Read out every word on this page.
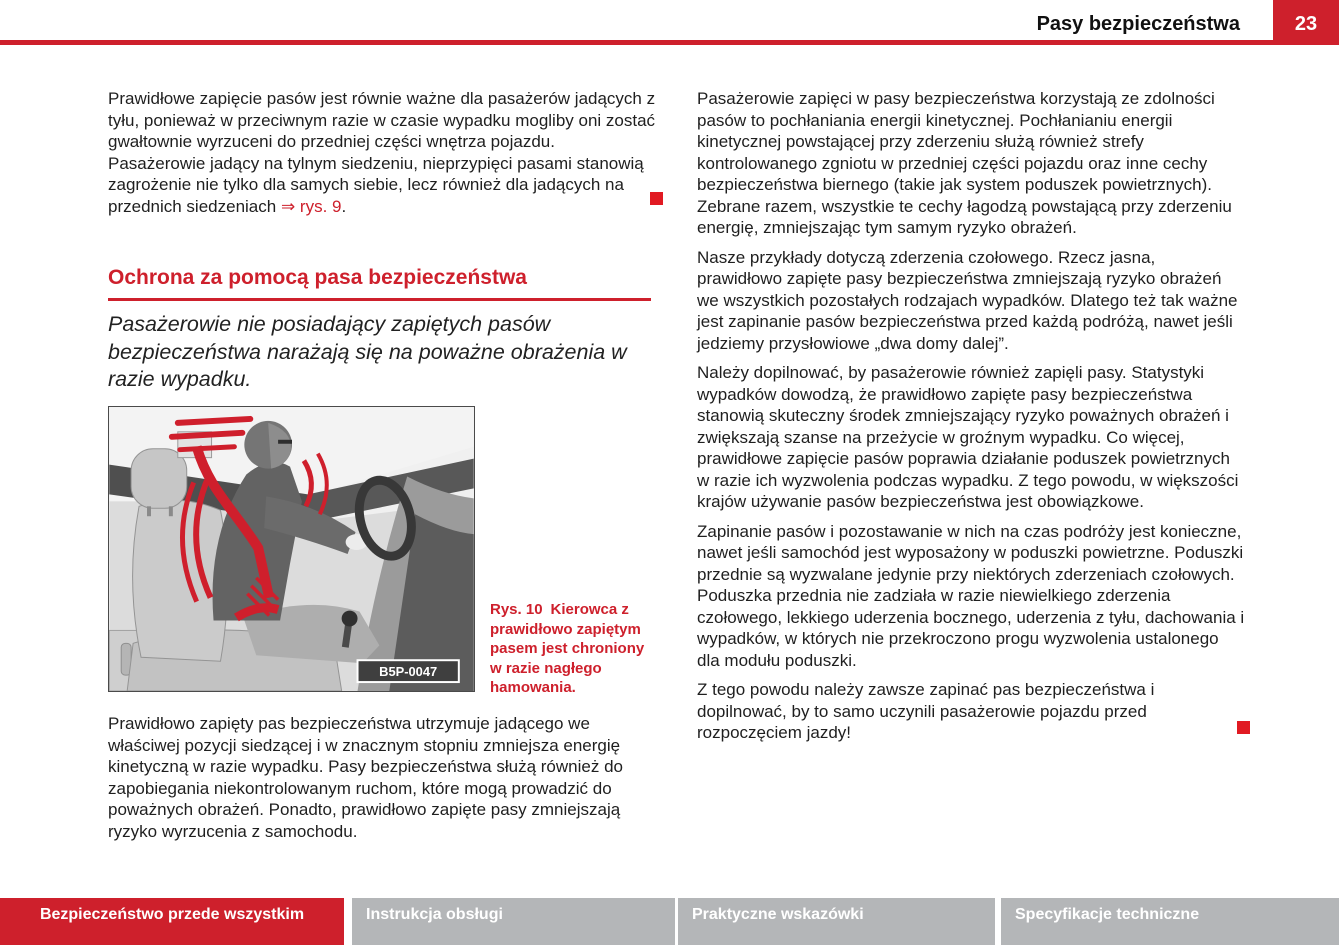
Pasy bezpieczeństwa	23

Prawidłowe zapięcie pasów jest równie ważne dla pasażerów jadących z tyłu, ponieważ w przeciwnym razie w czasie wypadku mogliby oni zostać gwałtownie wyrzuceni do przedniej części wnętrza pojazdu. Pasażerowie jadący na tylnym siedzeniu, nieprzypięci pasami stanowią zagrożenie nie tylko dla samych siebie, lecz również dla jadących na przednich siedzeniach ⇒ rys. 9.

Ochrona za pomocą pasa bezpieczeństwa
Pasażerowie nie posiadający zapiętych pasów bezpieczeństwa narażają się na poważne obrażenia w razie wypadku.
B5P-0047
Rys. 10 Kierowca z prawidłowo zapiętym pasem jest chroniony w razie nagłego hamowania.

Prawidłowo zapięty pas bezpieczeństwa utrzymuje jadącego we właściwej pozycji siedzącej i w znacznym stopniu zmniejsza energię kinetyczną w razie wypadku. Pasy bezpieczeństwa służą również do zapobiegania niekontrolowanym ruchom, które mogą prowadzić do poważnych obrażeń. Ponadto, prawidłowo zapięte pasy zmniejszają ryzyko wyrzucenia z samochodu.

Pasażerowie zapięci w pasy bezpieczeństwa korzystają ze zdolności pasów to pochłaniania energii kinetycznej. Pochłanianiu energii kinetycznej powstającej przy zderzeniu służą również strefy kontrolowanego zgniotu w przedniej części pojazdu oraz inne cechy bezpieczeństwa biernego (takie jak system poduszek powietrznych). Zebrane razem, wszystkie te cechy łagodzą powstającą przy zderzeniu energię, zmniejszając tym samym ryzyko obrażeń.

Nasze przykłady dotyczą zderzenia czołowego. Rzecz jasna, prawidłowo zapięte pasy bezpieczeństwa zmniejszają ryzyko obrażeń we wszystkich pozostałych rodzajach wypadków. Dlatego też tak ważne jest zapinanie pasów bezpieczeństwa przed każdą podróżą, nawet jeśli jedziemy przysłowiowe „dwa domy dalej”.

Należy dopilnować, by pasażerowie również zapięli pasy. Statystyki wypadków dowodzą, że prawidłowo zapięte pasy bezpieczeństwa stanowią skuteczny środek zmniejszający ryzyko poważnych obrażeń i zwiększają szanse na przeżycie w groźnym wypadku. Co więcej, prawidłowe zapięcie pasów poprawia działanie poduszek powietrznych w razie ich wyzwolenia podczas wypadku. Z tego powodu, w większości krajów używanie pasów bezpieczeństwa jest obowiązkowe.

Zapinanie pasów i pozostawanie w nich na czas podróży jest konieczne, nawet jeśli samochód jest wyposażony w poduszki powietrzne. Poduszki przednie są wyzwalane jedynie przy niektórych zderzeniach czołowych. Poduszka przednia nie zadziała w razie niewielkiego zderzenia czołowego, lekkiego uderzenia bocznego, uderzenia z tyłu, dachowania i wypadków, w których nie przekroczono progu wyzwolenia ustalonego dla modułu poduszki.

Z tego powodu należy zawsze zapinać pas bezpieczeństwa i dopilnować, by to samo uczynili pasażerowie pojazdu przed rozpoczęciem jazdy!

Bezpieczeństwo przede wszystkim	Instrukcja obsługi	Praktyczne wskazówki	Specyfikacje techniczne
